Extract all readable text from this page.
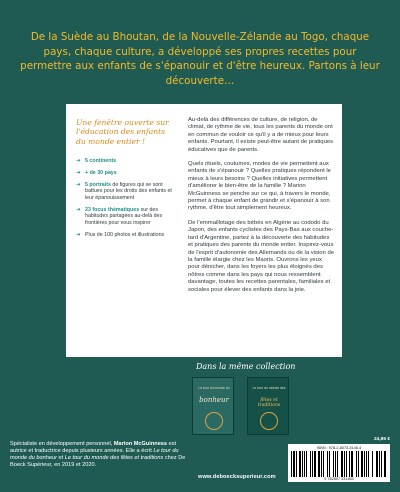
De la Suède au Bhoutan, de la Nouvelle-Zélande au Togo, chaque pays, chaque culture, a développé ses propres recettes pour permettre aux enfants de s'épanouir et d'être heureux. Partons à leur découverte…
Une fenêtre ouverte sur l'éducation des enfants du monde entier !
➔ 5 continents
➔ + de 30 pays
➔ 5 portraits de figures qui se sont battues pour les droits des enfants et leur épanouissement
➔ 23 focus thématiques sur des habitudes partagées au-delà des frontières pour vous inspirer
➔ Plus de 100 photos et illustrations

Au-delà des différences de culture, de religion, de climat, de rythme de vie, tous les parents du monde ont en commun de vouloir ce qu'il y a de mieux pour leurs enfants. Pourtant, il existe peut-être autant de pratiques éducatives que de parents.

Quels rituels, coutumes, modes de vie permettent aux enfants de s'épanouir ? Quelles pratiques répondent le mieux à leurs besoins ? Quelles initiatives permettent d'améliorer le bien-être de la famille ? Marion McGuinness se penche sur ce qui, à travers le monde, permet à chaque enfant de grandir et s'épanouir à son rythme, d'être tout simplement heureux.

De l'emmaillotage des bébés en Algérie au cododo du Japon, des enfants cyclistes des Pays-Bas aux couche-tard d'Argentine, partez à la découverte des habitudes et pratiques des parents du monde entier. Inspirez-vous de l'esprit d'autonomie des Allemands ou de la vision de la famille élargie chez les Maoris. Ouvrons les yeux pour dénicher, dans les foyers les plus éloignés des nôtres comme dans les pays qui nous ressemblent davantage, toutes les recettes parentales, familiales et sociales pour élever des enfants dans la joie.

Dans la même collection
Le tour du monde du
bonheur
Le tour du monde des
fêtes et traditions
Spécialiste en développement personnel, Marion McGuinness est autrice et traductrice depuis plusieurs années. Elle a écrit Le tour du monde du bonheur et Le tour du monde des fêtes et traditions chez De Boeck Supérieur, en 2019 et 2020.
24,95 €
ISBN : 978-2-8073-3146-4
9 782807 331464
www.deboecksuperieur.com
